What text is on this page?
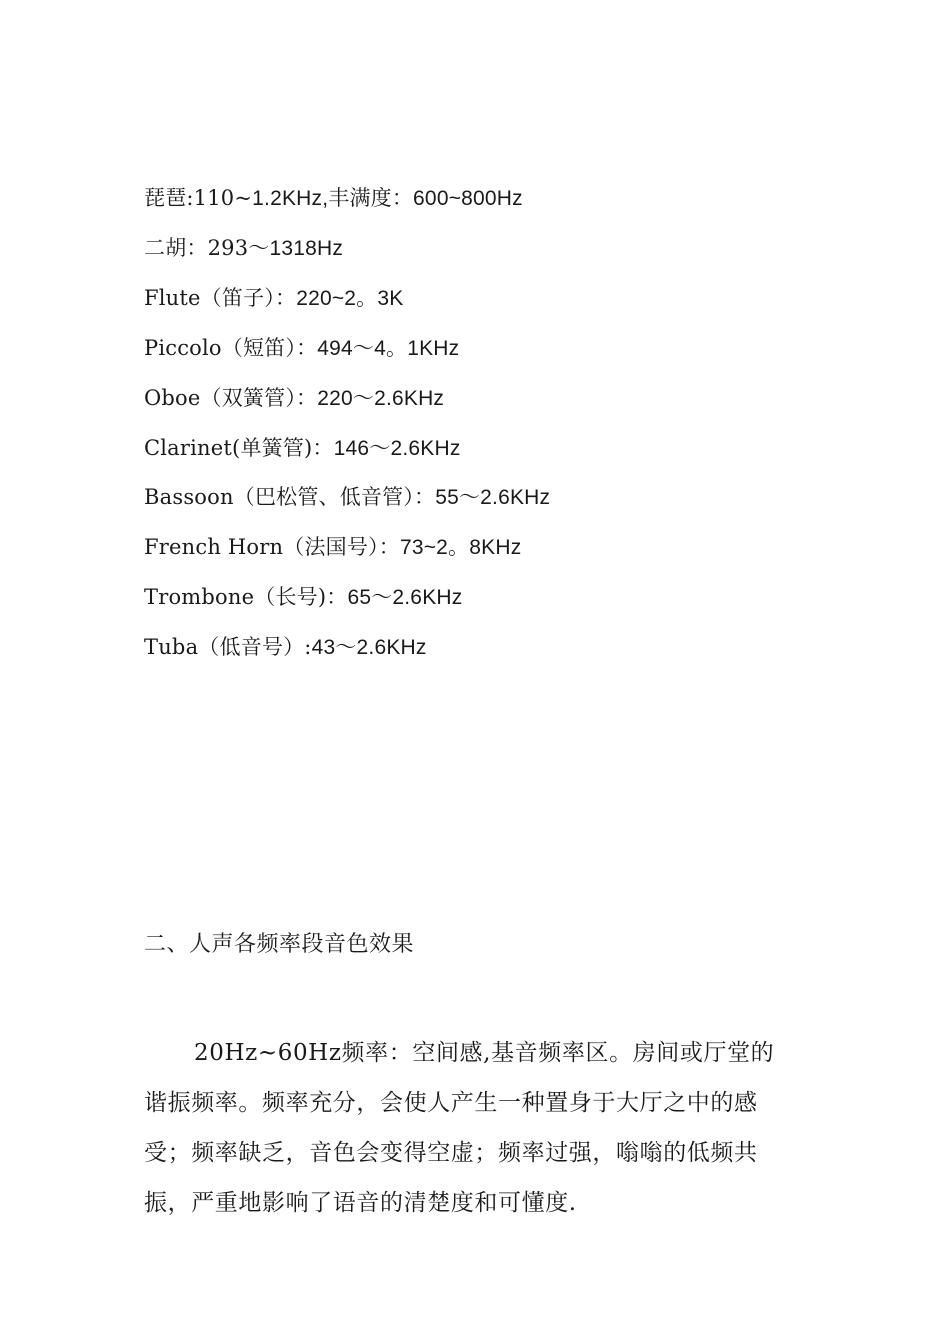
琵琶:110~1.2KHz,丰满度：600~800Hz
二胡：293～1318Hz
Flute（笛子）：220~2。3K
Piccolo（短笛）：494～4。1KHz
Oboe（双簧管）：220～2.6KHz
Clarinet(单簧管)：146～2.6KHz
Bassoon（巴松管、低音管）：55～2.6KHz
French Horn（法国号）：73~2。8KHz
Trombone（长号)：65～2.6KHz
Tuba（低音号）:43～2.6KHz
二、人声各频率段音色效果
20Hz~60Hz频率：空间感,基音频率区。房间或厅堂的谐振频率。频率充分，会使人产生一种置身于大厅之中的感受；频率缺乏，音色会变得空虚；频率过强，嗡嗡的低频共振，严重地影响了语音的清楚度和可懂度.
